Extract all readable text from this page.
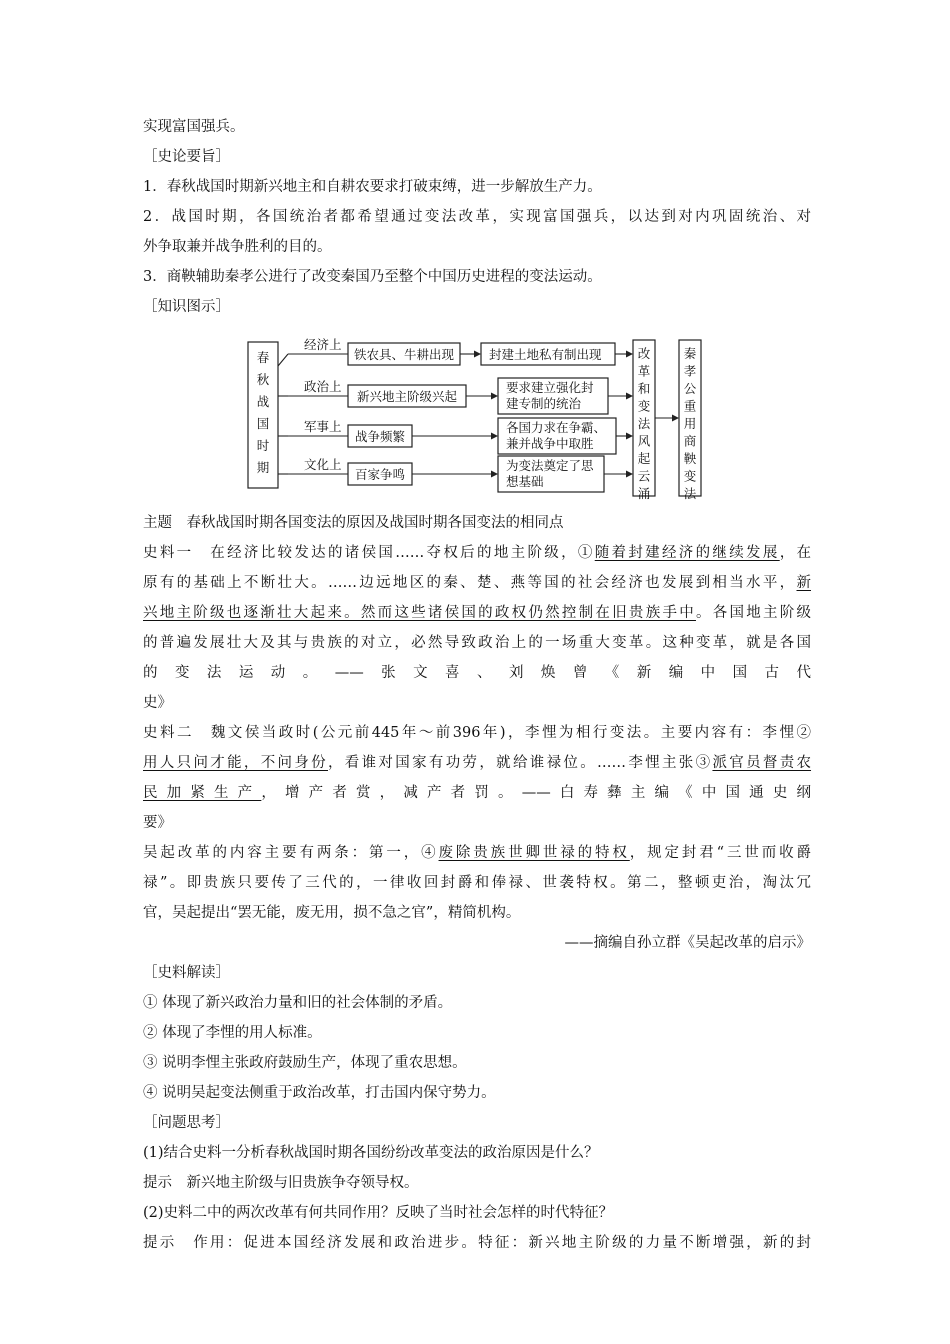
实现富国强兵。
［史论要旨］
1．春秋战国时期新兴地主和自耕农要求打破束缚，进一步解放生产力。
2．战国时期，各国统治者都希望通过变法改革，实现富国强兵，以达到对内巩固统治、对
外争取兼并战争胜利的目的。
3．商鞅辅助秦孝公进行了改变秦国乃至整个中国历史进程的变法运动。
［知识图示］
春
秋
战
国
时
期
经济上
铁农具、牛耕出现	封建土地私有制出现
政治上
新兴地主阶级兴起
要求建立强化封
建专制的统治
军事上
战争频繁
各国力求在争霸、
兼并战争中取胜
文化上
百家争鸣
为变法奠定了思
想基础
改
革
和
变
法
风
起
云
涌
秦
孝
公
重
用
商
鞅
变
法
主题　春秋战国时期各国变法的原因及战国时期各国变法的相同点
史料一　在经济比较发达的诸侯国……夺权后的地主阶级，①随着封建经济的继续发展，在
原有的基础上不断壮大。……边远地区的秦、楚、燕等国的社会经济也发展到相当水平，新
兴地主阶级也逐渐壮大起来。然而这些诸侯国的政权仍然控制在旧贵族手中。各国地主阶级
的普遍发展壮大及其与贵族的对立，必然导致政治上的一场重大变革。这种变革，就是各国
的变法运动。——张文喜、刘焕曾《新编中国古代
史》
史料二　魏文侯当政时(公元前445年～前396年)，李悝为相行变法。主要内容有：李悝②
用人只问才能，不问身份，看谁对国家有功劳，就给谁禄位。……李悝主张③派官员督责农
民加紧生产，增产者赏，减产者罚。——白寿彝主编《中国通史纲
要》
吴起改革的内容主要有两条：第一，④废除贵族世卿世禄的特权，规定封君“三世而收爵
禄”。即贵族只要传了三代的，一律收回封爵和俸禄、世袭特权。第二，整顿吏治，淘汰冗
官，吴起提出“罢无能，废无用，损不急之官”，精简机构。
——摘编自孙立群《吴起改革的启示》
［史料解读］
① 体现了新兴政治力量和旧的社会体制的矛盾。
② 体现了李悝的用人标准。
③ 说明李悝主张政府鼓励生产，体现了重农思想。
④ 说明吴起变法侧重于政治改革，打击国内保守势力。
［问题思考］
(1)结合史料一分析春秋战国时期各国纷纷改革变法的政治原因是什么？
提示　新兴地主阶级与旧贵族争夺领导权。
(2)史料二中的两次改革有何共同作用？反映了当时社会怎样的时代特征？
提示　作用：促进本国经济发展和政治进步。特征：新兴地主阶级的力量不断增强，新的封
